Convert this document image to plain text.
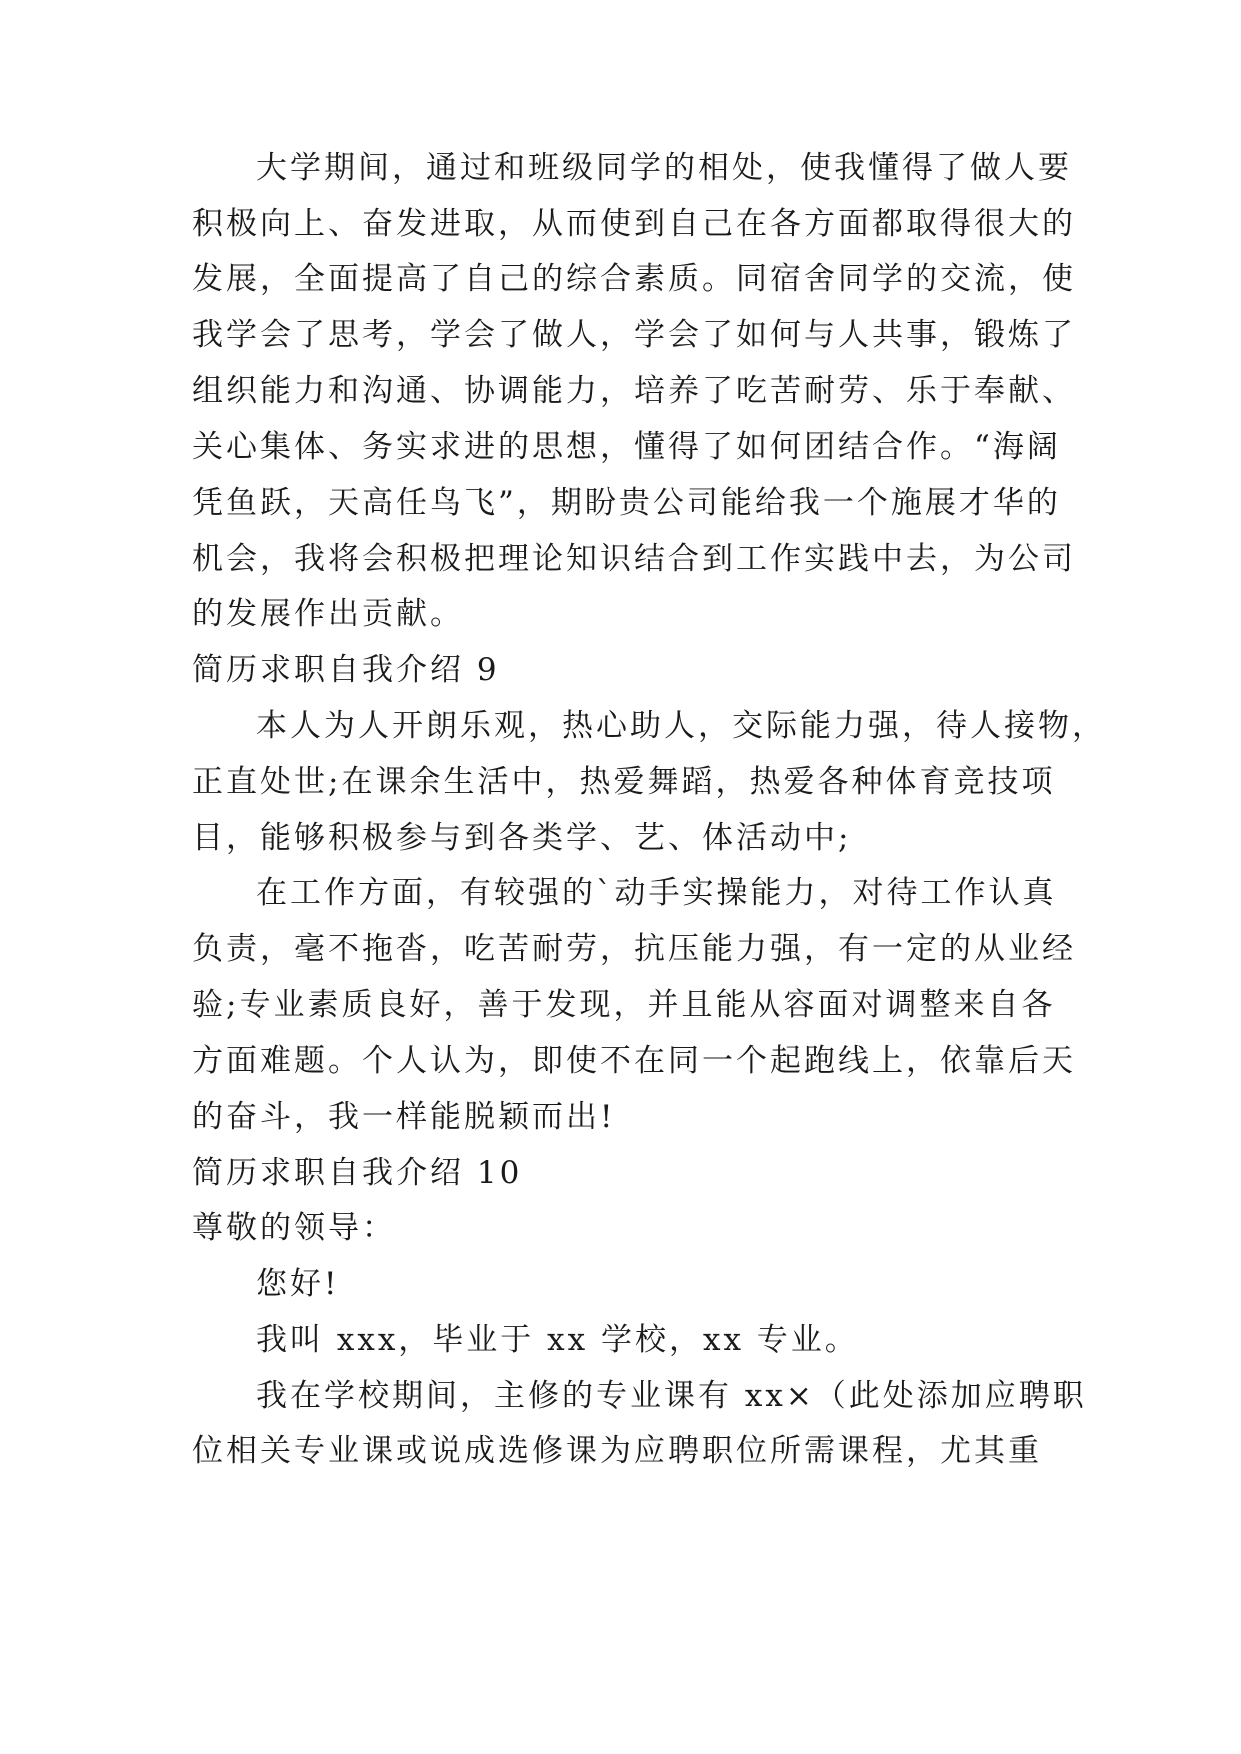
大学期间，通过和班级同学的相处，使我懂得了做人要
积极向上、奋发进取，从而使到自己在各方面都取得很大的
发展，全面提高了自己的综合素质。同宿舍同学的交流，使
我学会了思考，学会了做人，学会了如何与人共事，锻炼了
组织能力和沟通、协调能力，培养了吃苦耐劳、乐于奉献、
关心集体、务实求进的思想，懂得了如何团结合作。“海阔
凭鱼跃，天高任鸟飞”，期盼贵公司能给我一个施展才华的
机会，我将会积极把理论知识结合到工作实践中去，为公司
的发展作出贡献。
简历求职自我介绍 9
本人为人开朗乐观，热心助人，交际能力强，待人接物，
正直处世;在课余生活中，热爱舞蹈，热爱各种体育竞技项
目，能够积极参与到各类学、艺、体活动中;
在工作方面，有较强的`动手实操能力，对待工作认真
负责，毫不拖沓，吃苦耐劳，抗压能力强，有一定的从业经
验;专业素质良好，善于发现，并且能从容面对调整来自各
方面难题。个人认为，即使不在同一个起跑线上，依靠后天
的奋斗，我一样能脱颖而出!
简历求职自我介绍 10
尊敬的领导：
您好!
我叫 xxx，毕业于 xx 学校，xx 专业。
我在学校期间，主修的专业课有 xx×（此处添加应聘职
位相关专业课或说成选修课为应聘职位所需课程，尤其重
